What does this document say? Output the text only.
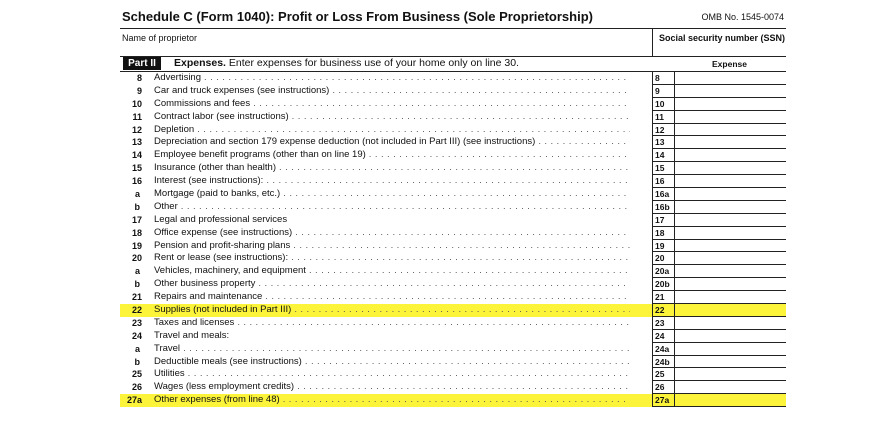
Schedule C (Form 1040): Profit or Loss From Business (Sole Proprietorship)	OMB No. 1545-0074
Name of proprietor	Social security number (SSN)
Part II	Expenses. Enter expenses for business use of your home only on line 30.	Expense
8 Advertising . . .	8
9 Car and truck expenses (see instructions) . . .	9
10 Commissions and fees . . .	10
11 Contract labor (see instructions) . . .	11
12 Depletion . . .	12
13 Depreciation and section 179 expense deduction (not included in Part III) (see instructions) . . .	13
14 Employee benefit programs (other than on line 19) . . .	14
15 Insurance (other than health) . . .	15
16 Interest (see instructions): . . .	16
a Mortgage (paid to banks, etc.) . . .	16a
b Other . . .	16b
17 Legal and professional services	17
18 Office expense (see instructions) . . .	18
19 Pension and profit-sharing plans . . .	19
20 Rent or lease (see instructions): . . .	20
a Vehicles, machinery, and equipment . . .	20a
b Other business property . . .	20b
21 Repairs and maintenance . . .	21
22 Supplies (not included in Part III) . . .	22
23 Taxes and licenses . . .	23
24 Travel and meals:	24
a Travel . . .	24a
b Deductible meals (see instructions) . . .	24b
25 Utilities . . .	25
26 Wages (less employment credits) . . .	26
27a Other expenses (from line 48) . . .	27a
